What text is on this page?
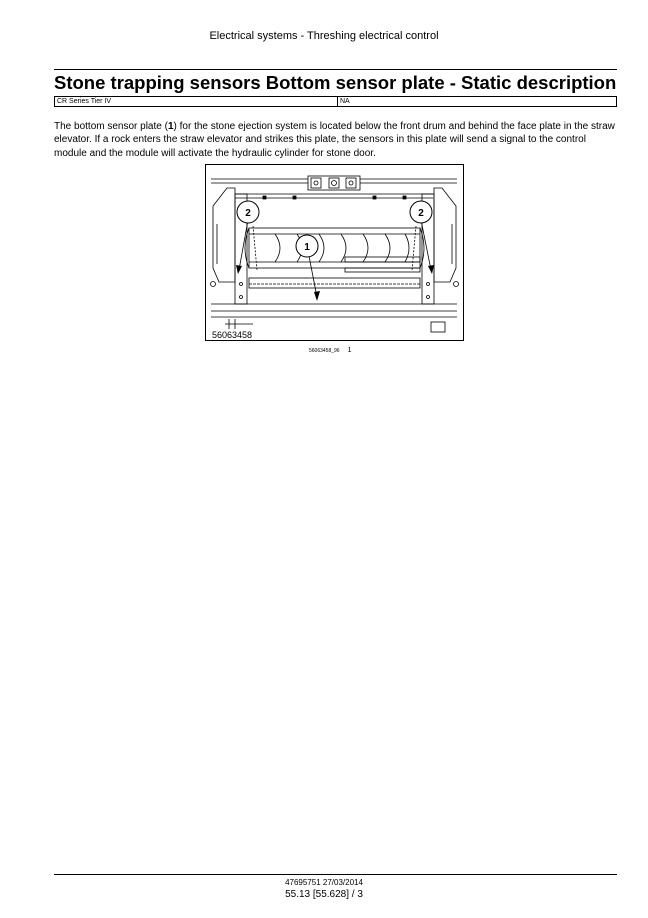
Electrical systems - Threshing electrical control
Stone trapping sensors Bottom sensor plate - Static description
CR Series Tier IV	NA
The bottom sensor plate (1) for the stone ejection system is located below the front drum and behind the face plate in the straw elevator. If a rock enters the straw elevator and strikes this plate, the sensors in this plate will send a signal to the control module and the module will activate the hydraulic cylinder for stone door.
1
2	2
56063458
56063458_96 1
47695751 27/03/2014
55.13 [55.628] / 3
